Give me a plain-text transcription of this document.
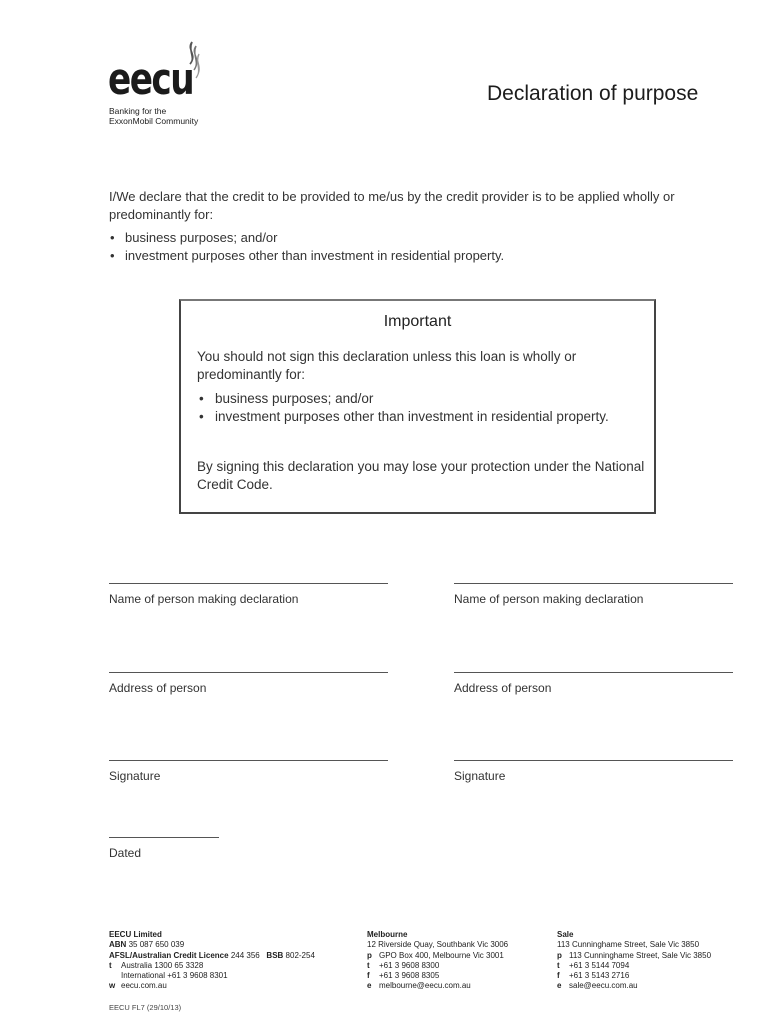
eecu
Banking for the
ExxonMobil Community
Declaration of purpose
I/We declare that the credit to be provided to me/us by the credit provider is to be applied wholly or predominantly for:
• business purposes; and/or
• investment purposes other than investment in residential property.
Important
You should not sign this declaration unless this loan is wholly or predominantly for:
• business purposes; and/or
• investment purposes other than investment in residential property.
By signing this declaration you may lose your protection under the National Credit Code.
Name of person making declaration	Name of person making declaration
Address of person	Address of person
Signature	Signature
Dated
EECU Limited
ABN 35 087 650 039
AFSL/Australian Credit Licence 244 356 BSB 802-254
t Australia 1300 65 3328
International +61 3 9608 8301
w eecu.com.au
Melbourne
12 Riverside Quay, Southbank Vic 3006
p GPO Box 400, Melbourne Vic 3001
t +61 3 9608 8300
f +61 3 9608 8305
e melbourne@eecu.com.au
Sale
113 Cunninghame Street, Sale Vic 3850
p 113 Cunninghame Street, Sale Vic 3850
t +61 3 5144 7094
f +61 3 5143 2716
e sale@eecu.com.au
EECU FL7 (29/10/13)
